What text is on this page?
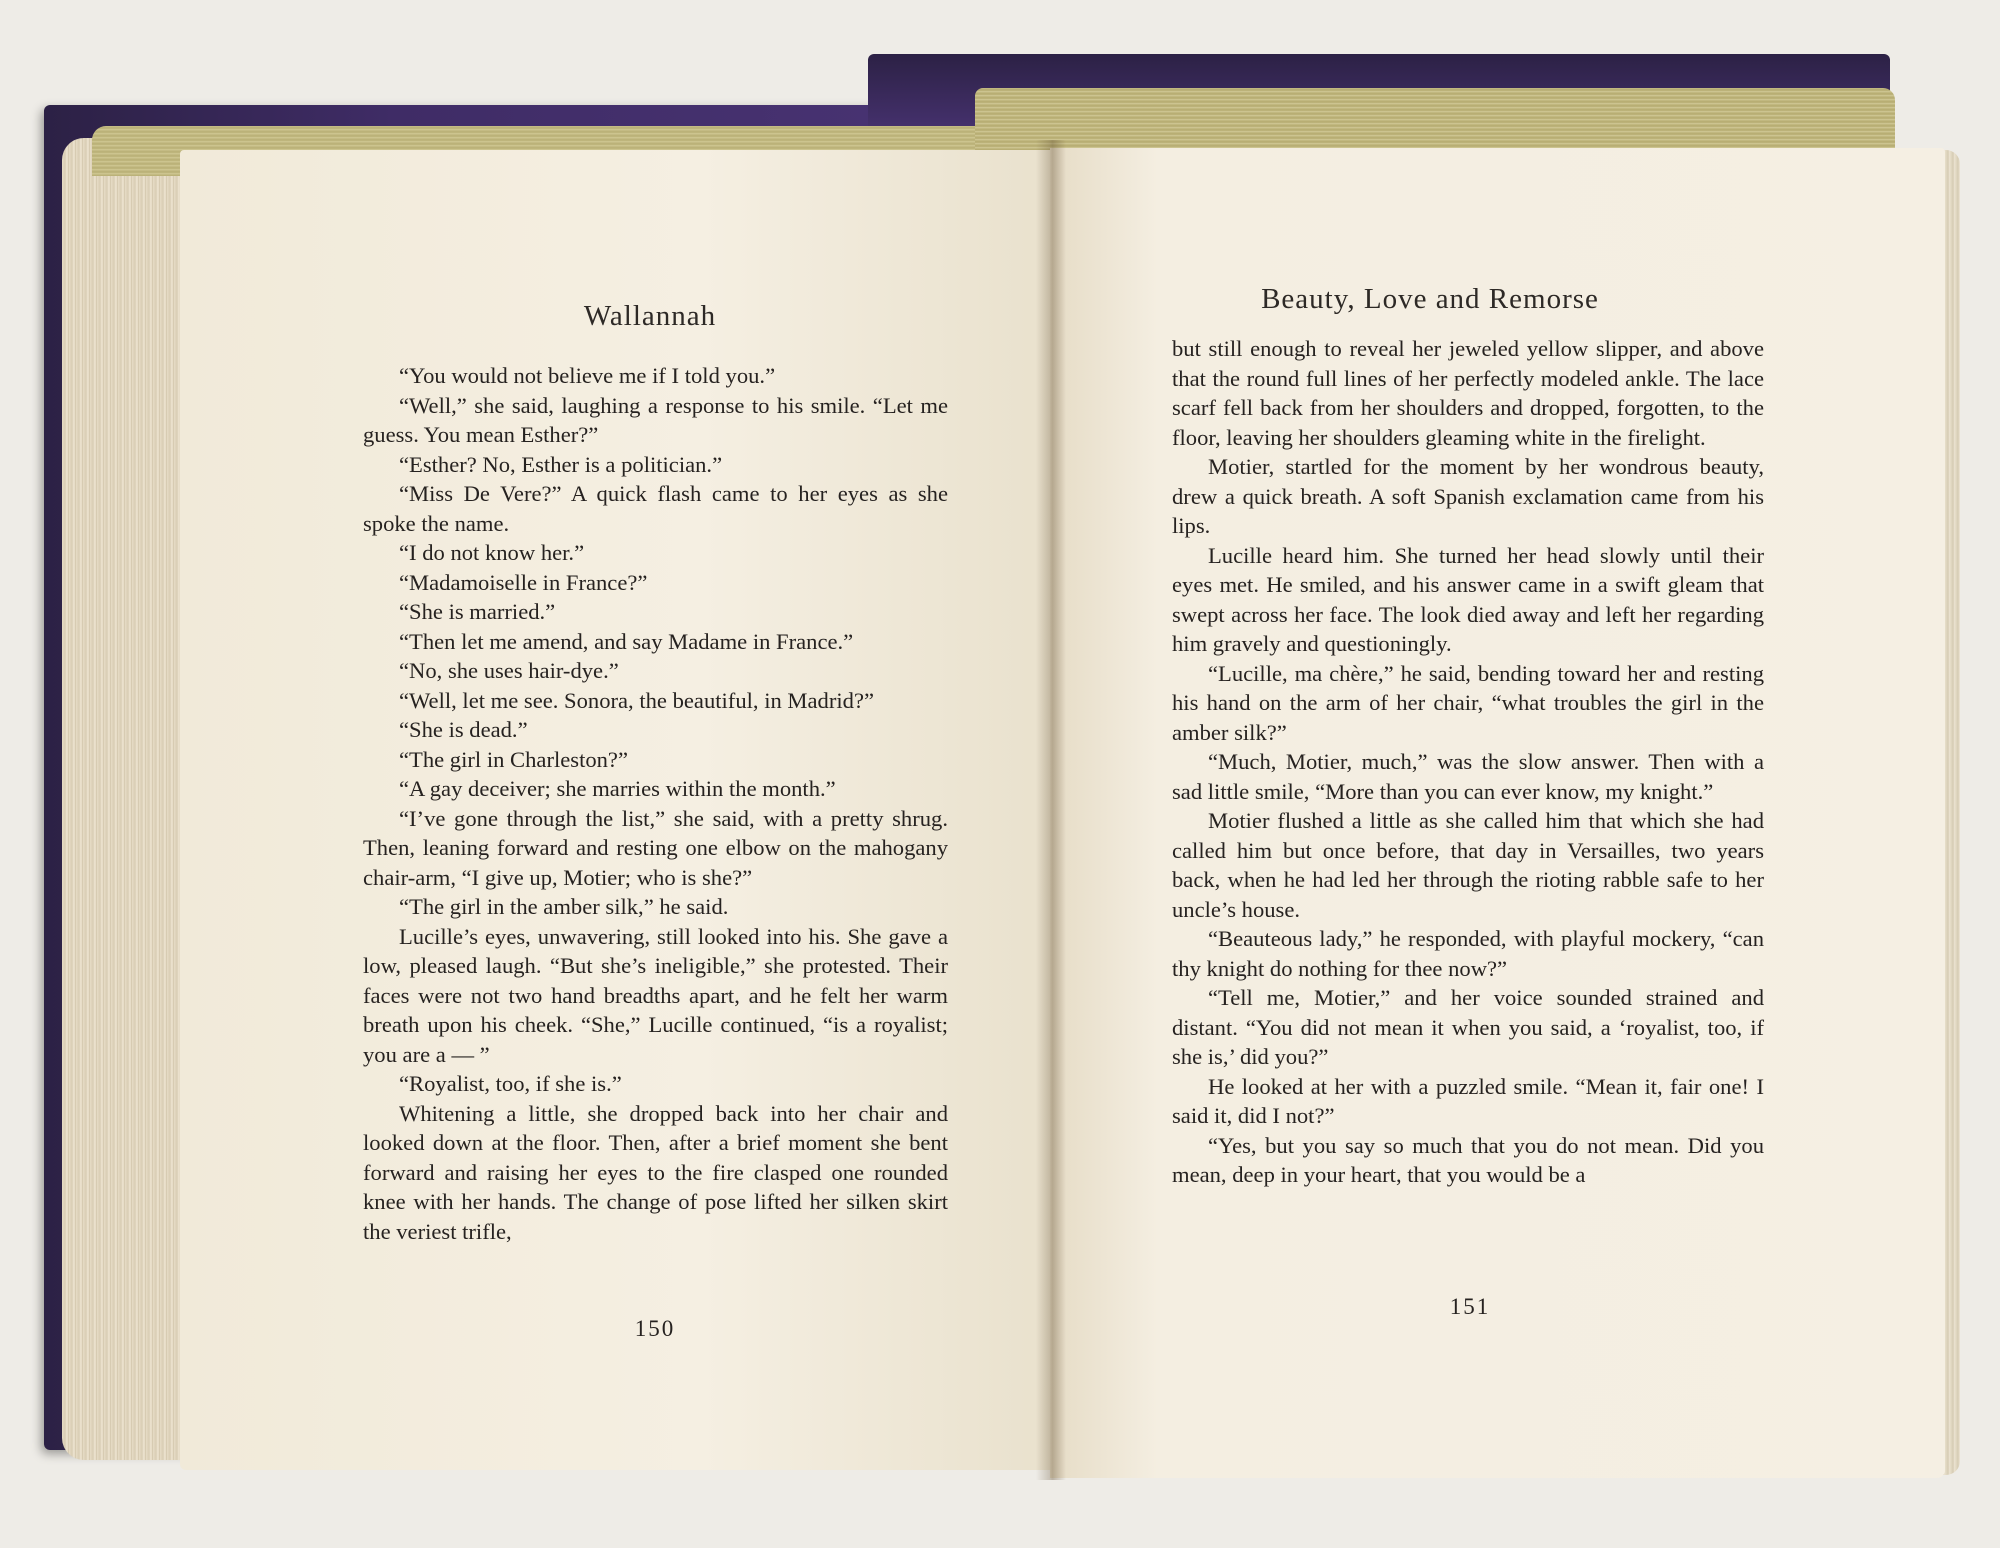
Wallannah

“You would not believe me if I told you.”

“Well,” she said, laughing a response to his smile. “Let me guess. You mean Esther?”

“Esther? No, Esther is a politician.”

“Miss De Vere?” A quick flash came to her eyes as she spoke the name.

“I do not know her.”

“Madamoiselle in France?”

“She is married.”

“Then let me amend, and say Madame in France.”

“No, she uses hair-dye.”

“Well, let me see. Sonora, the beautiful, in Madrid?”

“She is dead.”

“The girl in Charleston?”

“A gay deceiver; she marries within the month.”

“I’ve gone through the list,” she said, with a pretty shrug. Then, leaning forward and resting one elbow on the mahogany chair-arm, “I give up, Motier; who is she?”

“The girl in the amber silk,” he said.

Lucille’s eyes, unwavering, still looked into his. She gave a low, pleased laugh. “But she’s ineligible,” she protested. Their faces were not two hand breadths apart, and he felt her warm breath upon his cheek. “She,” Lucille continued, “is a royalist; you are a — ”

“Royalist, too, if she is.”

Whitening a little, she dropped back into her chair and looked down at the floor. Then, after a brief moment she bent forward and raising her eyes to the fire clasped one rounded knee with her hands. The change of pose lifted her silken skirt the veriest trifle,

150
Beauty, Love and Remorse

but still enough to reveal her jeweled yellow slipper, and above that the round full lines of her perfectly modeled ankle. The lace scarf fell back from her shoulders and dropped, forgotten, to the floor, leaving her shoulders gleaming white in the firelight.

Motier, startled for the moment by her wondrous beauty, drew a quick breath. A soft Spanish exclamation came from his lips.

Lucille heard him. She turned her head slowly until their eyes met. He smiled, and his answer came in a swift gleam that swept across her face. The look died away and left her regarding him gravely and questioningly.

“Lucille, ma chère,” he said, bending toward her and resting his hand on the arm of her chair, “what troubles the girl in the amber silk?”

“Much, Motier, much,” was the slow answer. Then with a sad little smile, “More than you can ever know, my knight.”

Motier flushed a little as she called him that which she had called him but once before, that day in Versailles, two years back, when he had led her through the rioting rabble safe to her uncle’s house.

“Beauteous lady,” he responded, with playful mockery, “can thy knight do nothing for thee now?”

“Tell me, Motier,” and her voice sounded strained and distant. “You did not mean it when you said, a ‘royalist, too, if she is,’ did you?”

He looked at her with a puzzled smile. “Mean it, fair one! I said it, did I not?”

“Yes, but you say so much that you do not mean. Did you mean, deep in your heart, that you would be a

151
